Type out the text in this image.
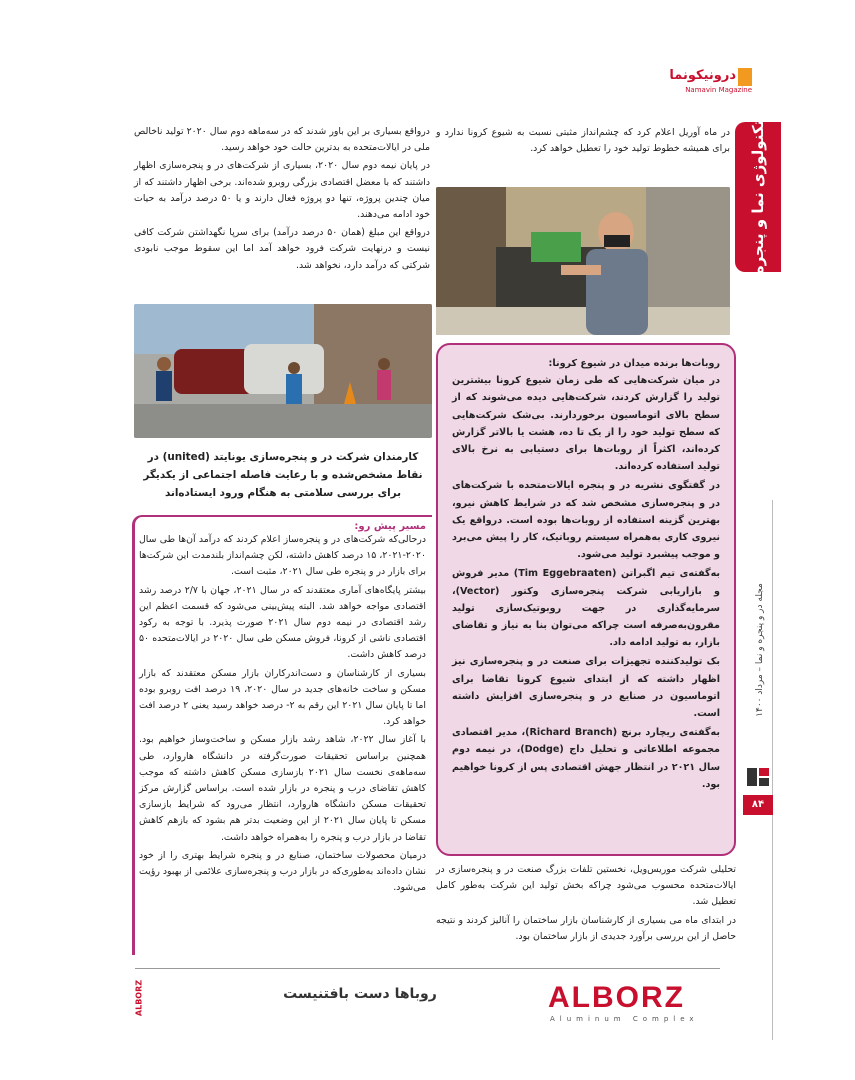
درونیکونما
Namavin Magazine
تکنولوژی نما و پنجره
مجله در و پنجره و نما – مرداد ۱۴۰۰
۸۴
در ماه آوریل اعلام کرد که چشم‌انداز مثبتی نسبت به شیوع کرونا ندارد و برای همیشه خطوط تولید خود را تعطیل خواهد کرد.
روبات‌ها برنده میدان در شیوع کرونا:
در میان شرکت‌هایی که طی زمان شیوع کرونا بیشترین تولید را گزارش کردند، شرکت‌هایی دیده می‌شوند که از سطح بالای اتوماسیون برخوردارند. بی‌شک شرکت‌هایی که سطح تولید خود را از یک تا ده، هشت یا بالاتر گزارش کرده‌اند، اکثراً از روبات‌ها برای دستیابی به نرخ بالای تولید استفاده کرده‌اند.
در گفتگوی نشریه در و پنجره ایالات‌متحده با شرکت‌های در و پنجره‌سازی مشخص شد که در شرایط کاهش نیرو، بهترین گزینه استفاده از روبات‌ها بوده است. درواقع یک نیروی کاری به‌همراه سیستم روباتیک، کار را پیش می‌برد و موجب پیشبرد تولید می‌شود.
به‌گفته‌ی تیم اگبراتن (Tim Eggebraaten) مدیر فروش و بازاریابی شرکت پنجره‌سازی وکتور (Vector)، سرمایه‌گذاری در جهت روبوتیک‌سازی تولید مقرون‌به‌صرفه است چراکه می‌توان بنا به نیاز و تقاضای بازار، به تولید ادامه داد.
بک تولیدکننده تجهیزات برای صنعت در و پنجره‌سازی نیز اظهار داشته که از ابتدای شیوع کرونا تقاضا برای اتوماسیون در صنایع در و پنجره‌سازی افزایش داشته است.
به‌گفته‌ی ریچارد برنچ (Richard Branch)، مدیر اقتصادی مجموعه اطلاعاتی و تحلیل داج (Dodge)، در نیمه دوم سال ۲۰۲۱ در انتظار جهش اقتصادی پس از کرونا خواهیم بود.
تحلیلی شرکت موریس‌ویل، نخستین تلفات بزرگ صنعت در و پنجره‌سازی در ایالات‌متحده محسوب می‌شود چراکه بخش تولید این شرکت به‌طور کامل تعطیل شد.
در ابتدای ماه می بسیاری از کارشناسان بازار ساختمان را آنالیز کردند و نتیجه حاصل از این بررسی برآورد جدیدی از بازار ساختمان بود.
درواقع بسیاری بر این باور شدند که در سه‌ماهه دوم سال ۲۰۲۰ تولید ناخالص ملی در ایالات‌متحده به بدترین حالت خود خواهد رسید.
در پایان نیمه دوم سال ۲۰۲۰، بسیاری از شرکت‌های در و پنجره‌سازی اظهار داشتند که با معضل اقتصادی بزرگی روبرو شده‌اند. برخی اظهار داشتند که از میان چندین پروژه، تنها دو پروژه فعال دارند و یا ۵۰ درصد درآمد به حیات خود ادامه می‌دهند.
درواقع این مبلغ (همان ۵۰ درصد درآمد) برای سرپا نگهداشتن شرکت کافی نیست و درنهایت شرکت فرود خواهد آمد اما این سقوط موجب نابودی شرکتی که درآمد دارد، نخواهد شد.
کارمندان شرکت در و پنجره‌سازی یونایتد (united) در نقاط مشخص‌شده و با رعایت فاصله اجتماعی از یکدیگر برای بررسی سلامتی به هنگام ورود ایستاده‌اند
مسیر پیش رو:
درحالی‌که شرکت‌های در و پنجره‌ساز اعلام کردند که درآمد آن‌ها طی سال ۲۰۲۰-۲۰۲۱، ۱۵ درصد کاهش داشته، لکن چشم‌انداز بلندمدت این شرکت‌ها برای بازار در و پنجره طی سال ۲۰۲۱، مثبت است.
بیشتر پایگاه‌های آماری معتقدند که در سال ۲۰۲۱، جهان با ۲/۷ درصد رشد اقتصادی مواجه خواهد شد. البته پیش‌بینی می‌شود که قسمت اعظم این رشد اقتصادی در نیمه دوم سال ۲۰۲۱ صورت پذیرد. با توجه به رکود اقتصادی ناشی از کرونا، فروش مسکن طی سال ۲۰۲۰ در ایالات‌متحده ۵۰ درصد کاهش داشت.
بسیاری از کارشناسان و دست‌اندرکاران بازار مسکن معتقدند که بازار مسکن و ساخت خانه‌های جدید در سال ۲۰۲۰، ۱۹ درصد افت روبرو بوده اما تا پایان سال ۲۰۲۱ این رقم به ۲- درصد خواهد رسید یعنی ۲ درصد افت خواهد کرد.
با آغاز سال ۲۰۲۲، شاهد رشد بازار مسکن و ساخت‌وساز خواهیم بود. همچنین براساس تحقیقات صورت‌گرفته در دانشگاه هاروارد، طی سه‌ماهه‌ی نخست سال ۲۰۲۱ بازسازی مسکن کاهش داشته که موجب کاهش تقاضای درب و پنجره در بازار شده است. براساس گزارش مرکز تحقیقات مسکن دانشگاه هاروارد، انتظار می‌رود که شرایط بازسازی مسکن تا پایان سال ۲۰۲۱ از این وضعیت بدتر هم بشود که بازهم کاهش تقاضا در بازار درب و پنجره را به‌همراه خواهد داشت.
درمیان محصولات ساختمان، صنایع در و پنجره شرایط بهتری را از خود نشان داده‌اند به‌طوری‌که در بازار درب و پنجره‌سازی علائمی از بهبود رؤیت می‌شود.
روباها دست بافتنیست	ALBORZ
Aluminum Complex
ALBORZ
